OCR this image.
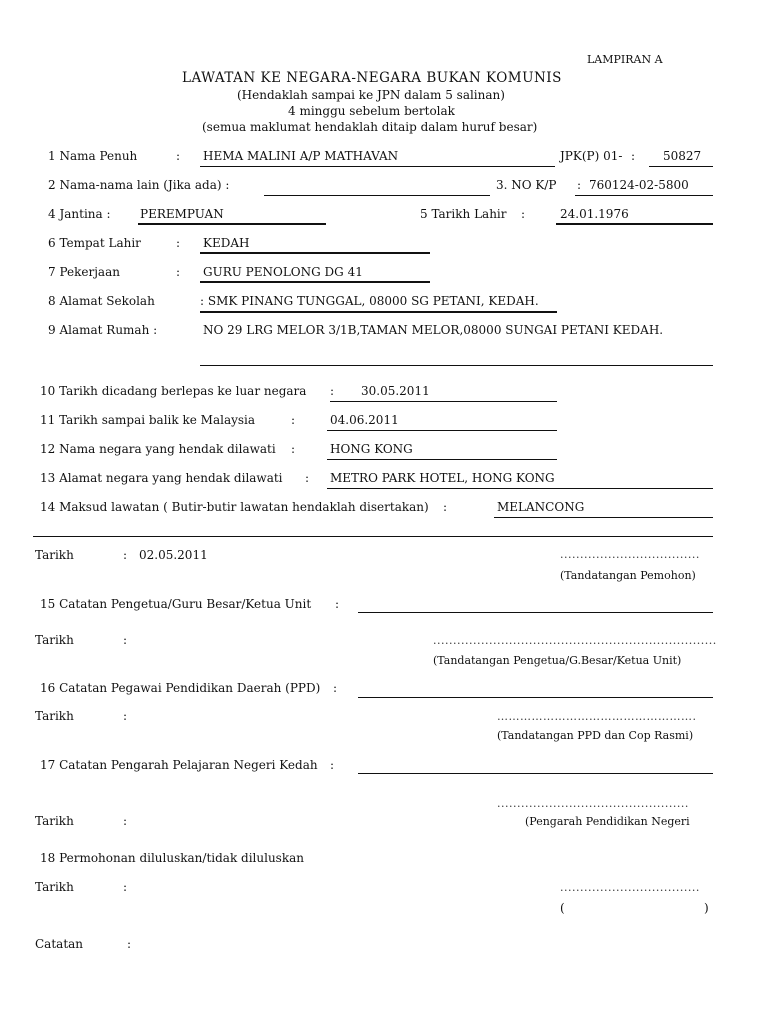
LAMPIRAN A
LAWATAN KE NEGARA-NEGARA BUKAN KOMUNIS
(Hendaklah sampai ke JPN dalam 5 salinan)
4 minggu sebelum bertolak
(semua maklumat hendaklah ditaip dalam huruf besar)
1 Nama Penuh	: HEMA MALINI A/P MATHAVAN	JPK(P) 01- : 50827
2 Nama-nama lain (Jika ada) :	3. NO K/P : 760124-02-5800
4 Jantina : PEREMPUAN	5 Tarikh Lahir :	24.01.1976
6 Tempat Lahir	: KEDAH
7 Pekerjaan	: GURU PENOLONG DG 41
8 Alamat Sekolah	: SMK PINANG TUNGGAL, 08000 SG PETANI, KEDAH.
9 Alamat Rumah :	NO 29 LRG MELOR 3/1B,TAMAN MELOR,08000 SUNGAI PETANI KEDAH.
10 Tarikh dicadang berlepas ke luar negara : 30.05.2011
11 Tarikh sampai balik ke Malaysia	:	04.06.2011
12 Nama negara yang hendak dilawati :	HONG KONG
13 Alamat negara yang hendak dilawati : METRO PARK HOTEL, HONG KONG
14 Maksud lawatan ( Butir-butir lawatan hendaklah disertakan) :	MELANCONG
Tarikh	: 02.05.2011	...................................
(Tandatangan Pemohon)
15 Catatan Pengetua/Guru Besar/Ketua Unit :
Tarikh	:	.......................................................................
(Tandatangan Pengetua/G.Besar/Ketua Unit)
16 Catatan Pegawai Pendidikan Daerah (PPD) :
Tarikh	:	…………………………………………….
(Tandatangan PPD dan Cop Rasmi)
17 Catatan Pengarah Pelajaran Negeri Kedah :
................................................
Tarikh	:	(Pengarah Pendidikan Negeri
18 Permohonan diluluskan/tidak diluluskan
Tarikh	:	...................................
(	)
Catatan	:
